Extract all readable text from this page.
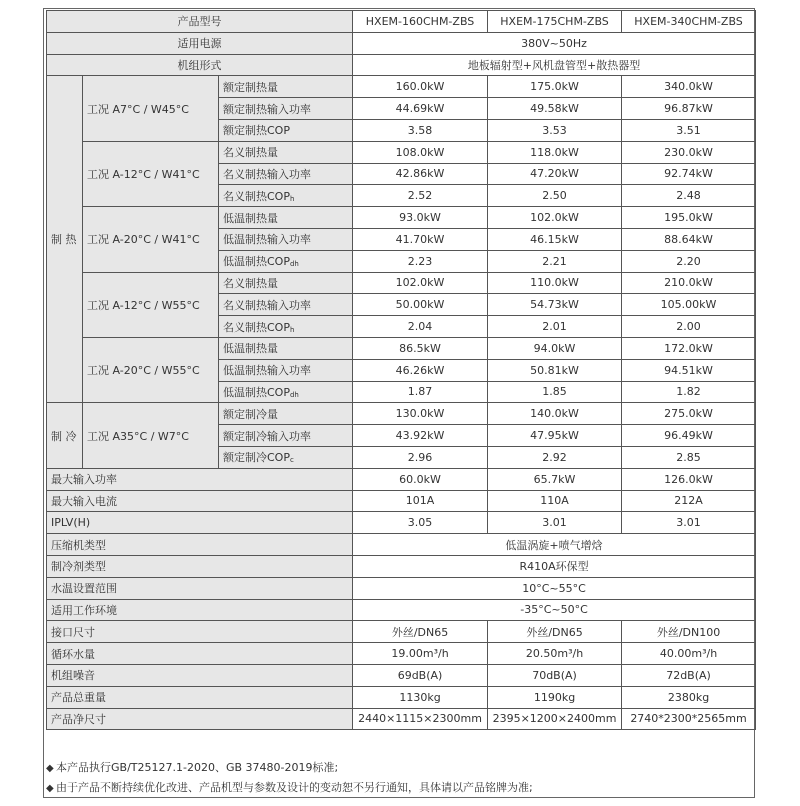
产品型号			HXEM-160CHM-ZBS	HXEM-175CHM-ZBS	HXEM-340CHM-ZBS
适用电源			380V~50Hz		
机组形式			地板辐射型+风机盘管型+散热器型		
制 热	工况 A7°C / W45°C	额定制热量	160.0kW	175.0kW	340.0kW
		额定制热输入功率	44.69kW	49.58kW	96.87kW
		额定制热COP	3.58	3.53	3.51
	工况 A-12°C / W41°C	名义制热量	108.0kW	118.0kW	230.0kW
		名义制热输入功率	42.86kW	47.20kW	92.74kW
		名义制热$COP_h$	2.52	2.50	2.48
	工况 A-20°C / W41°C	低温制热量	93.0kW	102.0kW	195.0kW
		低温制热输入功率	41.70kW	46.15kW	88.64kW
		低温制热$COP_{dh}$	2.23	2.21	2.20
	工况 A-12°C / W55°C	名义制热量	102.0kW	110.0kW	210.0kW
		名义制热输入功率	50.00kW	54.73kW	105.00kW
		名义制热$COP_h$	2.04	2.01	2.00
	工况 A-20°C / W55°C	低温制热量	86.5kW	94.0kW	172.0kW
		低温制热输入功率	46.26kW	50.81kW	94.51kW
		低温制热$COP_{dh}$	1.87	1.85	1.82
制 冷	工况 A35°C / W7°C	额定制冷量	130.0kW	140.0kW	275.0kW
		额定制冷输入功率	43.92kW	47.95kW	96.49kW
		额定制冷$COP_c$	2.96	2.92	2.85
最大输入功率			60.0kW	65.7kW	126.0kW
最大输入电流			101A	110A	212A
IPLV(H)			3.05	3.01	3.01
压缩机类型			低温涡旋+喷气增焓		
制冷剂类型			R410A环保型		
水温设置范围			10°C~55°C		
适用工作环境			-35°C~50°C		
接口尺寸			外丝/DN65	外丝/DN65	外丝/DN100
循环水量			19.00m³/h	20.50m³/h	40.00m³/h
机组噪音			69dB(A)	70dB(A)	72dB(A)
产品总重量			1130kg	1190kg	2380kg
产品净尺寸			2440×1115×2300mm	2395×1200×2400mm	2740*2300*2565mm
◆ 本产品执行GB/T25127.1-2020、GB 37480-2019标准;
◆ 由于产品不断持续优化改进、产品机型与参数及设计的变动恕不另行通知，具体请以产品铭牌为准;
